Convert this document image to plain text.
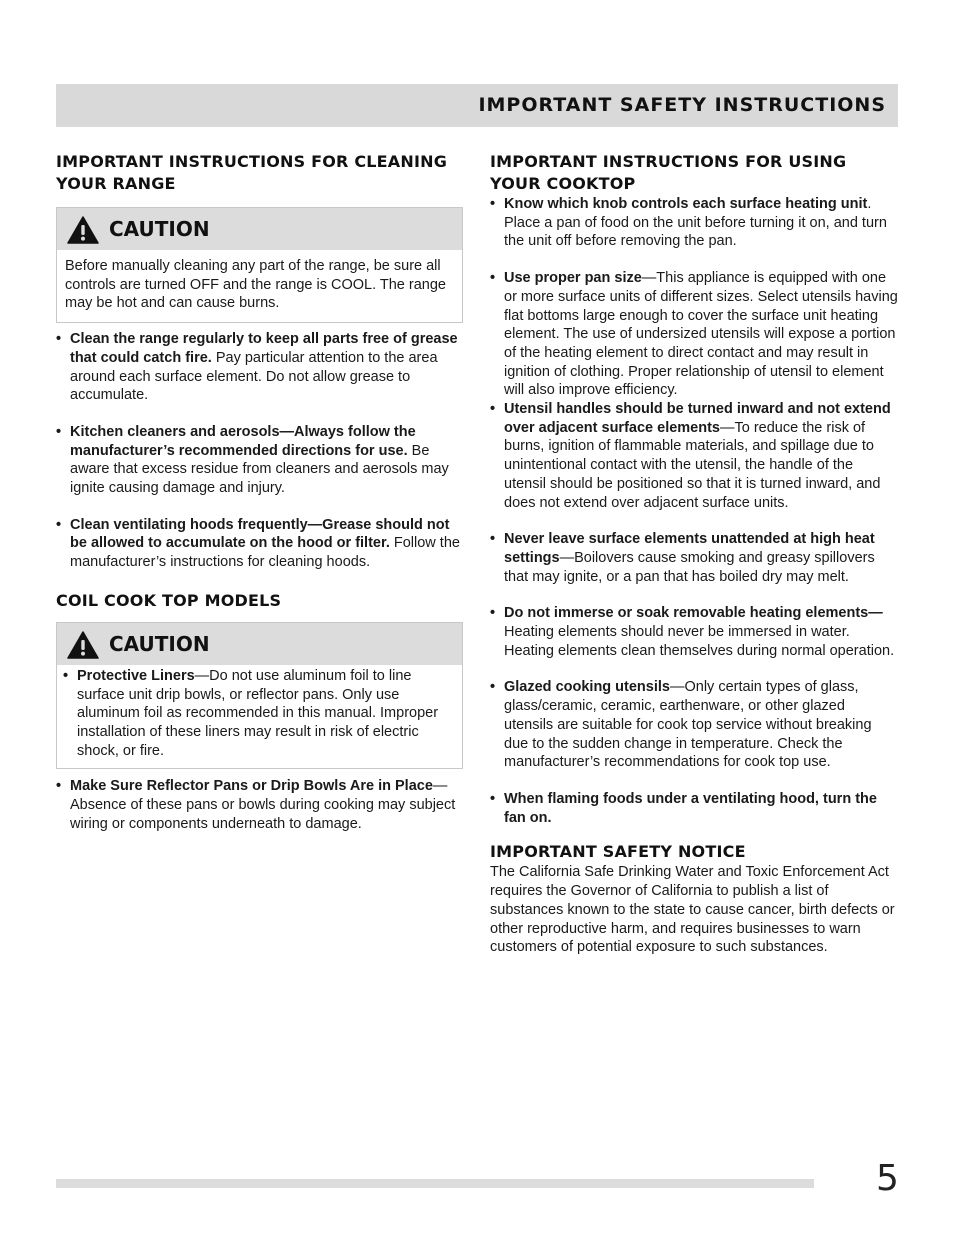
IMPORTANT SAFETY INSTRUCTIONS
IMPORTANT INSTRUCTIONS FOR CLEANING YOUR RANGE
CAUTION

Before manually cleaning any part of the range, be sure all controls are turned OFF and the range is COOL. The range may be hot and can cause burns.

• Clean the range regularly to keep all parts free of grease that could catch fire. Pay particular attention to the area around each surface element. Do not allow grease to accumulate.

• Kitchen cleaners and aerosols—Always follow the manufacturer’s recommended directions for use. Be aware that excess residue from cleaners and aerosols may ignite causing damage and injury.

• Clean ventilating hoods frequently—Grease should not be allowed to accumulate on the hood or filter. Follow the manufacturer’s instructions for cleaning hoods.

COIL COOK TOP MODELS
CAUTION

• Protective Liners—Do not use aluminum foil to line surface unit drip bowls, or reflector pans. Only use aluminum foil as recommended in this manual. Improper installation of these liners may result in risk of electric shock, or fire.

• Make Sure Reflector Pans or Drip Bowls Are in Place—Absence of these pans or bowls during cooking may subject wiring or components underneath to damage.

IMPORTANT INSTRUCTIONS FOR USING YOUR COOKTOP

• Know which knob controls each surface heating unit. Place a pan of food on the unit before turning it on, and turn the unit off before removing the pan.

• Use proper pan size—This appliance is equipped with one or more surface units of different sizes. Select utensils having flat bottoms large enough to cover the surface unit heating element. The use of undersized utensils will expose a portion of the heating element to direct contact and may result in ignition of clothing. Proper relationship of utensil to element will also improve efficiency.

• Utensil handles should be turned inward and not extend over adjacent surface elements—To reduce the risk of burns, ignition of flammable materials, and spillage due to unintentional contact with the utensil, the handle of the utensil should be positioned so that it is turned inward, and does not extend over adjacent surface units.

• Never leave surface elements unattended at high heat settings—Boilovers cause smoking and greasy spillovers that may ignite, or a pan that has boiled dry may melt.

• Do not immerse or soak removable heating elements—Heating elements should never be immersed in water. Heating elements clean themselves during normal operation.

• Glazed cooking utensils—Only certain types of glass, glass/ceramic, ceramic, earthenware, or other glazed utensils are suitable for cook top service without breaking due to the sudden change in temperature. Check the manufacturer’s recommendations for cook top use.

• When flaming foods under a ventilating hood, turn the fan on.

IMPORTANT SAFETY NOTICE

The California Safe Drinking Water and Toxic Enforcement Act requires the Governor of California to publish a list of substances known to the state to cause cancer, birth defects or other reproductive harm, and requires businesses to warn customers of potential exposure to such substances.

5
